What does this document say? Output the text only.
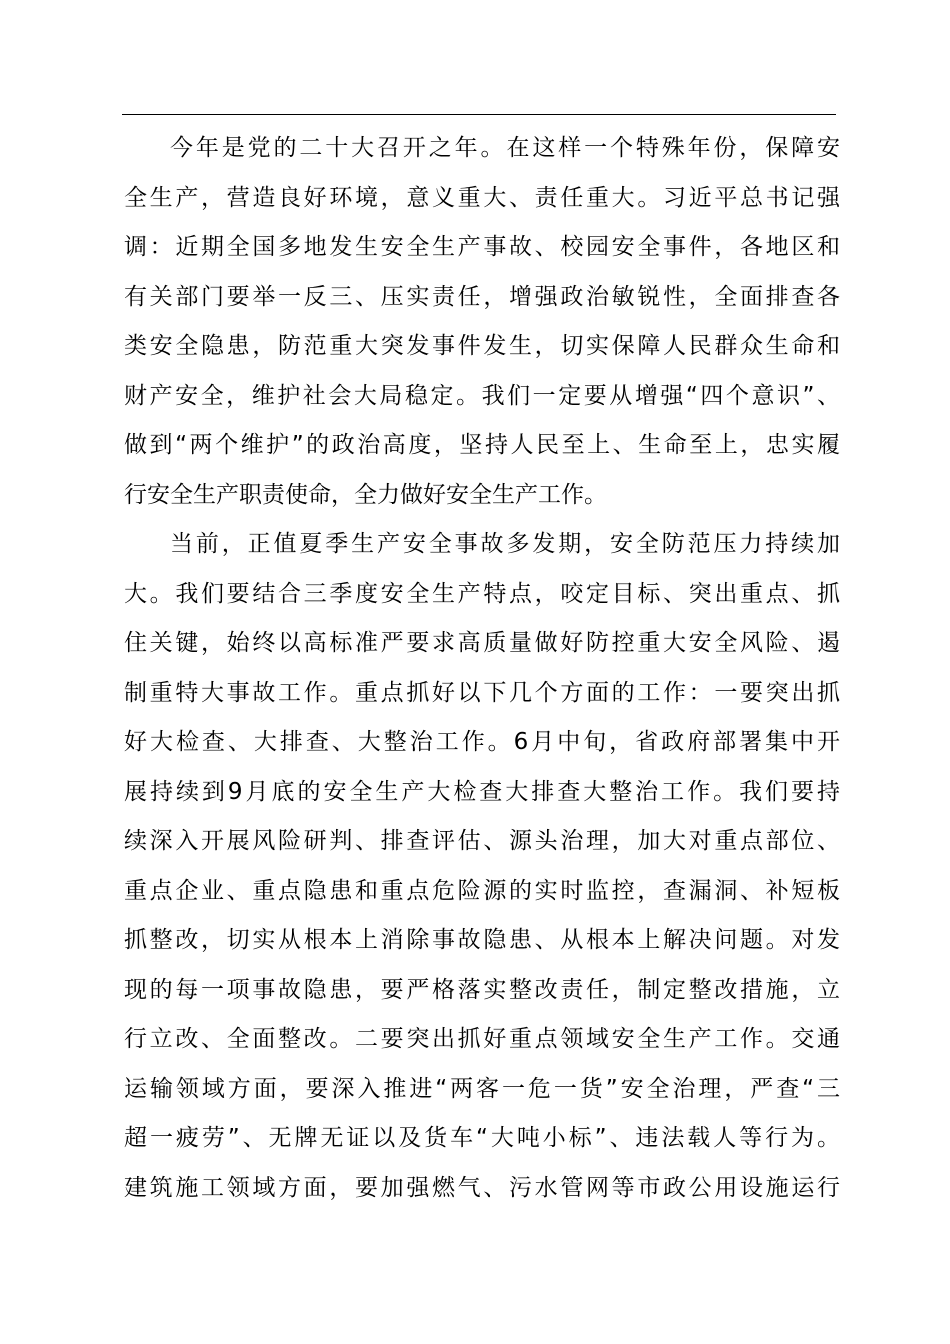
今年是党的二十大召开之年。在这样一个特殊年份，保障安
全生产，营造良好环境，意义重大、责任重大。习近平总书记强
调：近期全国多地发生安全生产事故、校园安全事件，各地区和
有关部门要举一反三、压实责任，增强政治敏锐性，全面排查各
类安全隐患，防范重大突发事件发生，切实保障人民群众生命和
财产安全，维护社会大局稳定。我们一定要从增强“四个意识”、
做到“两个维护”的政治高度，坚持人民至上、生命至上，忠实履
行安全生产职责使命，全力做好安全生产工作。
当前，正值夏季生产安全事故多发期，安全防范压力持续加
大。我们要结合三季度安全生产特点，咬定目标、突出重点、抓
住关键，始终以高标准严要求高质量做好防控重大安全风险、遏
制重特大事故工作。重点抓好以下几个方面的工作：一要突出抓
好大检查、大排查、大整治工作。6月中旬，省政府部署集中开
展持续到9月底的安全生产大检查大排查大整治工作。我们要持
续深入开展风险研判、排查评估、源头治理，加大对重点部位、
重点企业、重点隐患和重点危险源的实时监控，查漏洞、补短板
抓整改，切实从根本上消除事故隐患、从根本上解决问题。对发
现的每一项事故隐患，要严格落实整改责任，制定整改措施，立
行立改、全面整改。二要突出抓好重点领域安全生产工作。交通
运输领域方面，要深入推进“两客一危一货”安全治理，严查“三
超一疲劳”、无牌无证以及货车“大吨小标”、违法载人等行为。
建筑施工领域方面，要加强燃气、污水管网等市政公用设施运行
